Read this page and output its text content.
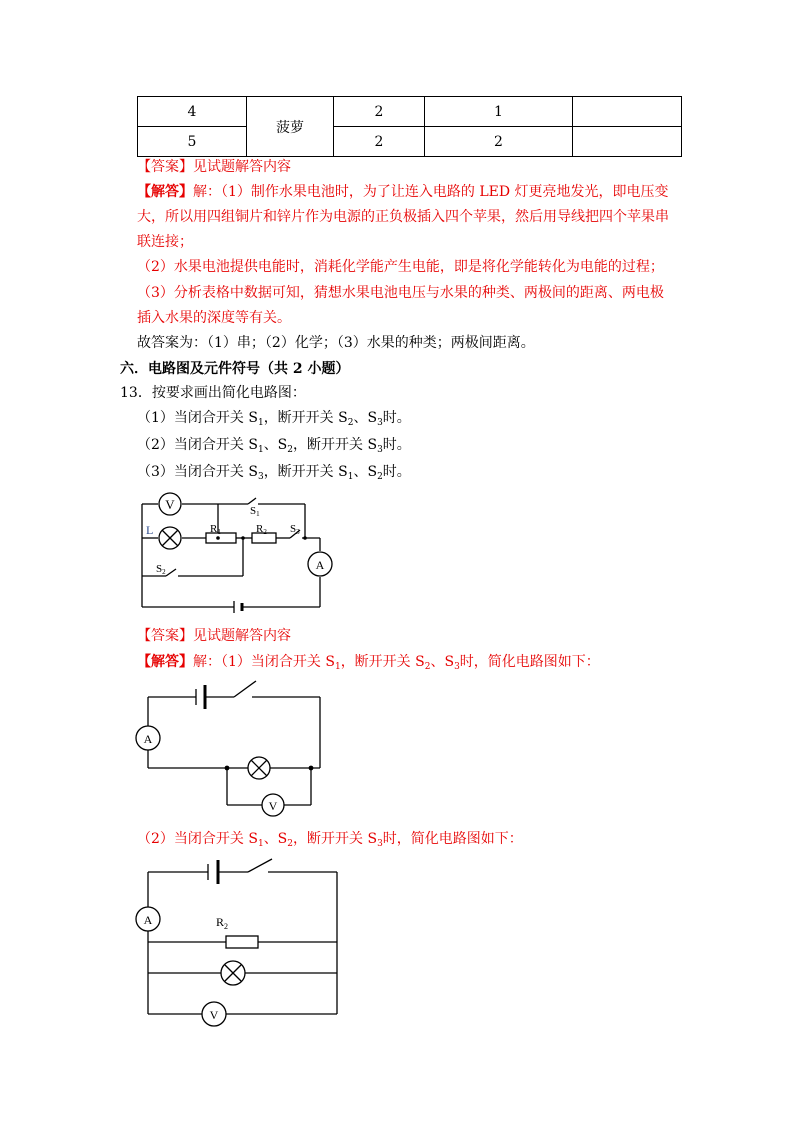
4	菠萝	2	1	
5		2	2	
【答案】见试题解答内容
【解答】解：（1）制作水果电池时，为了让连入电路的 LED 灯更亮地发光，即电压变
大，所以用四组铜片和锌片作为电源的正负极插入四个苹果，然后用导线把四个苹果串
联连接；
（2）水果电池提供电能时，消耗化学能产生电能，即是将化学能转化为电能的过程；
（3）分析表格中数据可知，猜想水果电池电压与水果的种类、两极间的距离、两电极
插入水果的深度等有关。
故答案为：（1）串；（2）化学；（3）水果的种类；两极间距离。
六．电路图及元件符号（共 2 小题）
13．按要求画出简化电路图：
（1）当闭合开关 $S_1$，断开开关 $S_2$、$S_3$时。
（2）当闭合开关 $S_1$、$S_2$，断开开关 $S_3$时。
（3）当闭合开关 $S_3$，断开开关 $S_1$、$S_2$时。
V
A
L	R1	R2
S1
S3
S2
【答案】见试题解答内容
【解答】解：（1）当闭合开关 $S_1$，断开开关 $S_2$、$S_3$时，简化电路图如下：
A
V
（2）当闭合开关 $S_1$、$S_2$，断开开关 $S_3$时，简化电路图如下：
A
V
$R_2$
